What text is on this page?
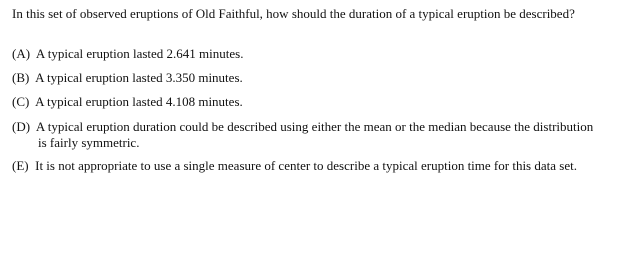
In this set of observed eruptions of Old Faithful, how should the duration of a typical eruption be described?
(A)  A typical eruption lasted 2.641 minutes.
(B)  A typical eruption lasted 3.350 minutes.
(C)  A typical eruption lasted 4.108 minutes.
(D)  A typical eruption duration could be described using either the mean or the median because the distribution is fairly symmetric.
(E)  It is not appropriate to use a single measure of center to describe a typical eruption time for this data set.
